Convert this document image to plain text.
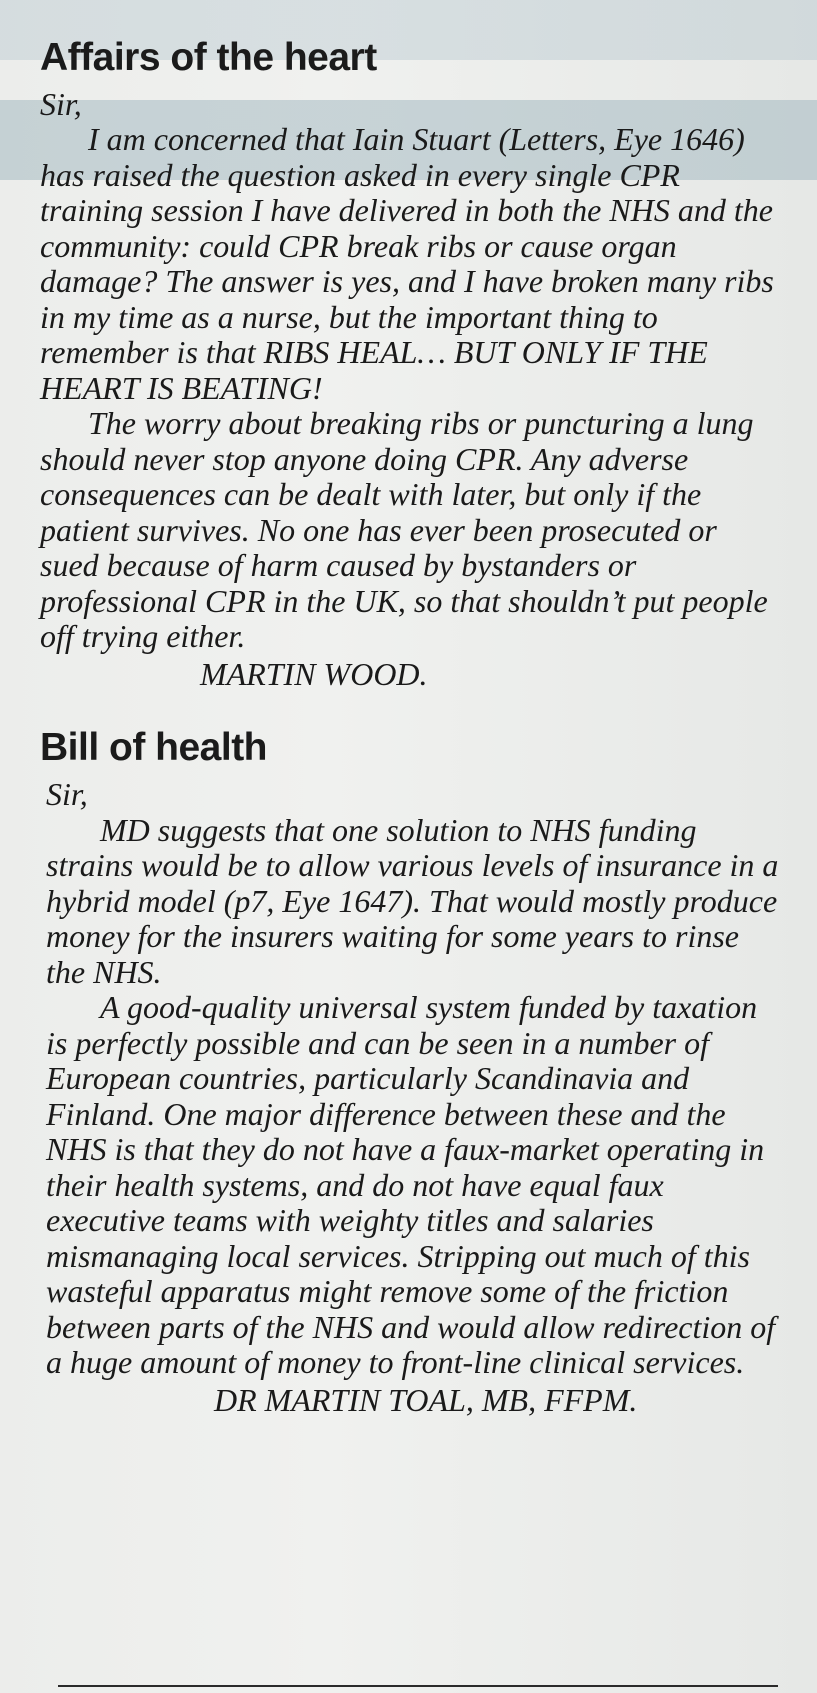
Affairs of the heart

Sir,

I am concerned that Iain Stuart (Letters, Eye 1646) has raised the question asked in every single CPR training session I have delivered in both the NHS and the community: could CPR break ribs or cause organ damage? The answer is yes, and I have broken many ribs in my time as a nurse, but the important thing to remember is that RIBS HEAL… BUT ONLY IF THE HEART IS BEATING!

The worry about breaking ribs or puncturing a lung should never stop anyone doing CPR. Any adverse consequences can be dealt with later, but only if the patient survives. No one has ever been prosecuted or sued because of harm caused by bystanders or professional CPR in the UK, so that shouldn’t put people off trying either.

MARTIN WOOD.

Bill of health

Sir,

MD suggests that one solution to NHS funding strains would be to allow various levels of insurance in a hybrid model (p7, Eye 1647). That would mostly produce money for the insurers waiting for some years to rinse the NHS.

A good-quality universal system funded by taxation is perfectly possible and can be seen in a number of European countries, particularly Scandinavia and Finland. One major difference between these and the NHS is that they do not have a faux-market operating in their health systems, and do not have equal faux executive teams with weighty titles and salaries mismanaging local services. Stripping out much of this wasteful apparatus might remove some of the friction between parts of the NHS and would allow redirection of a huge amount of money to front-line clinical services.

DR MARTIN TOAL, MB, FFPM.
